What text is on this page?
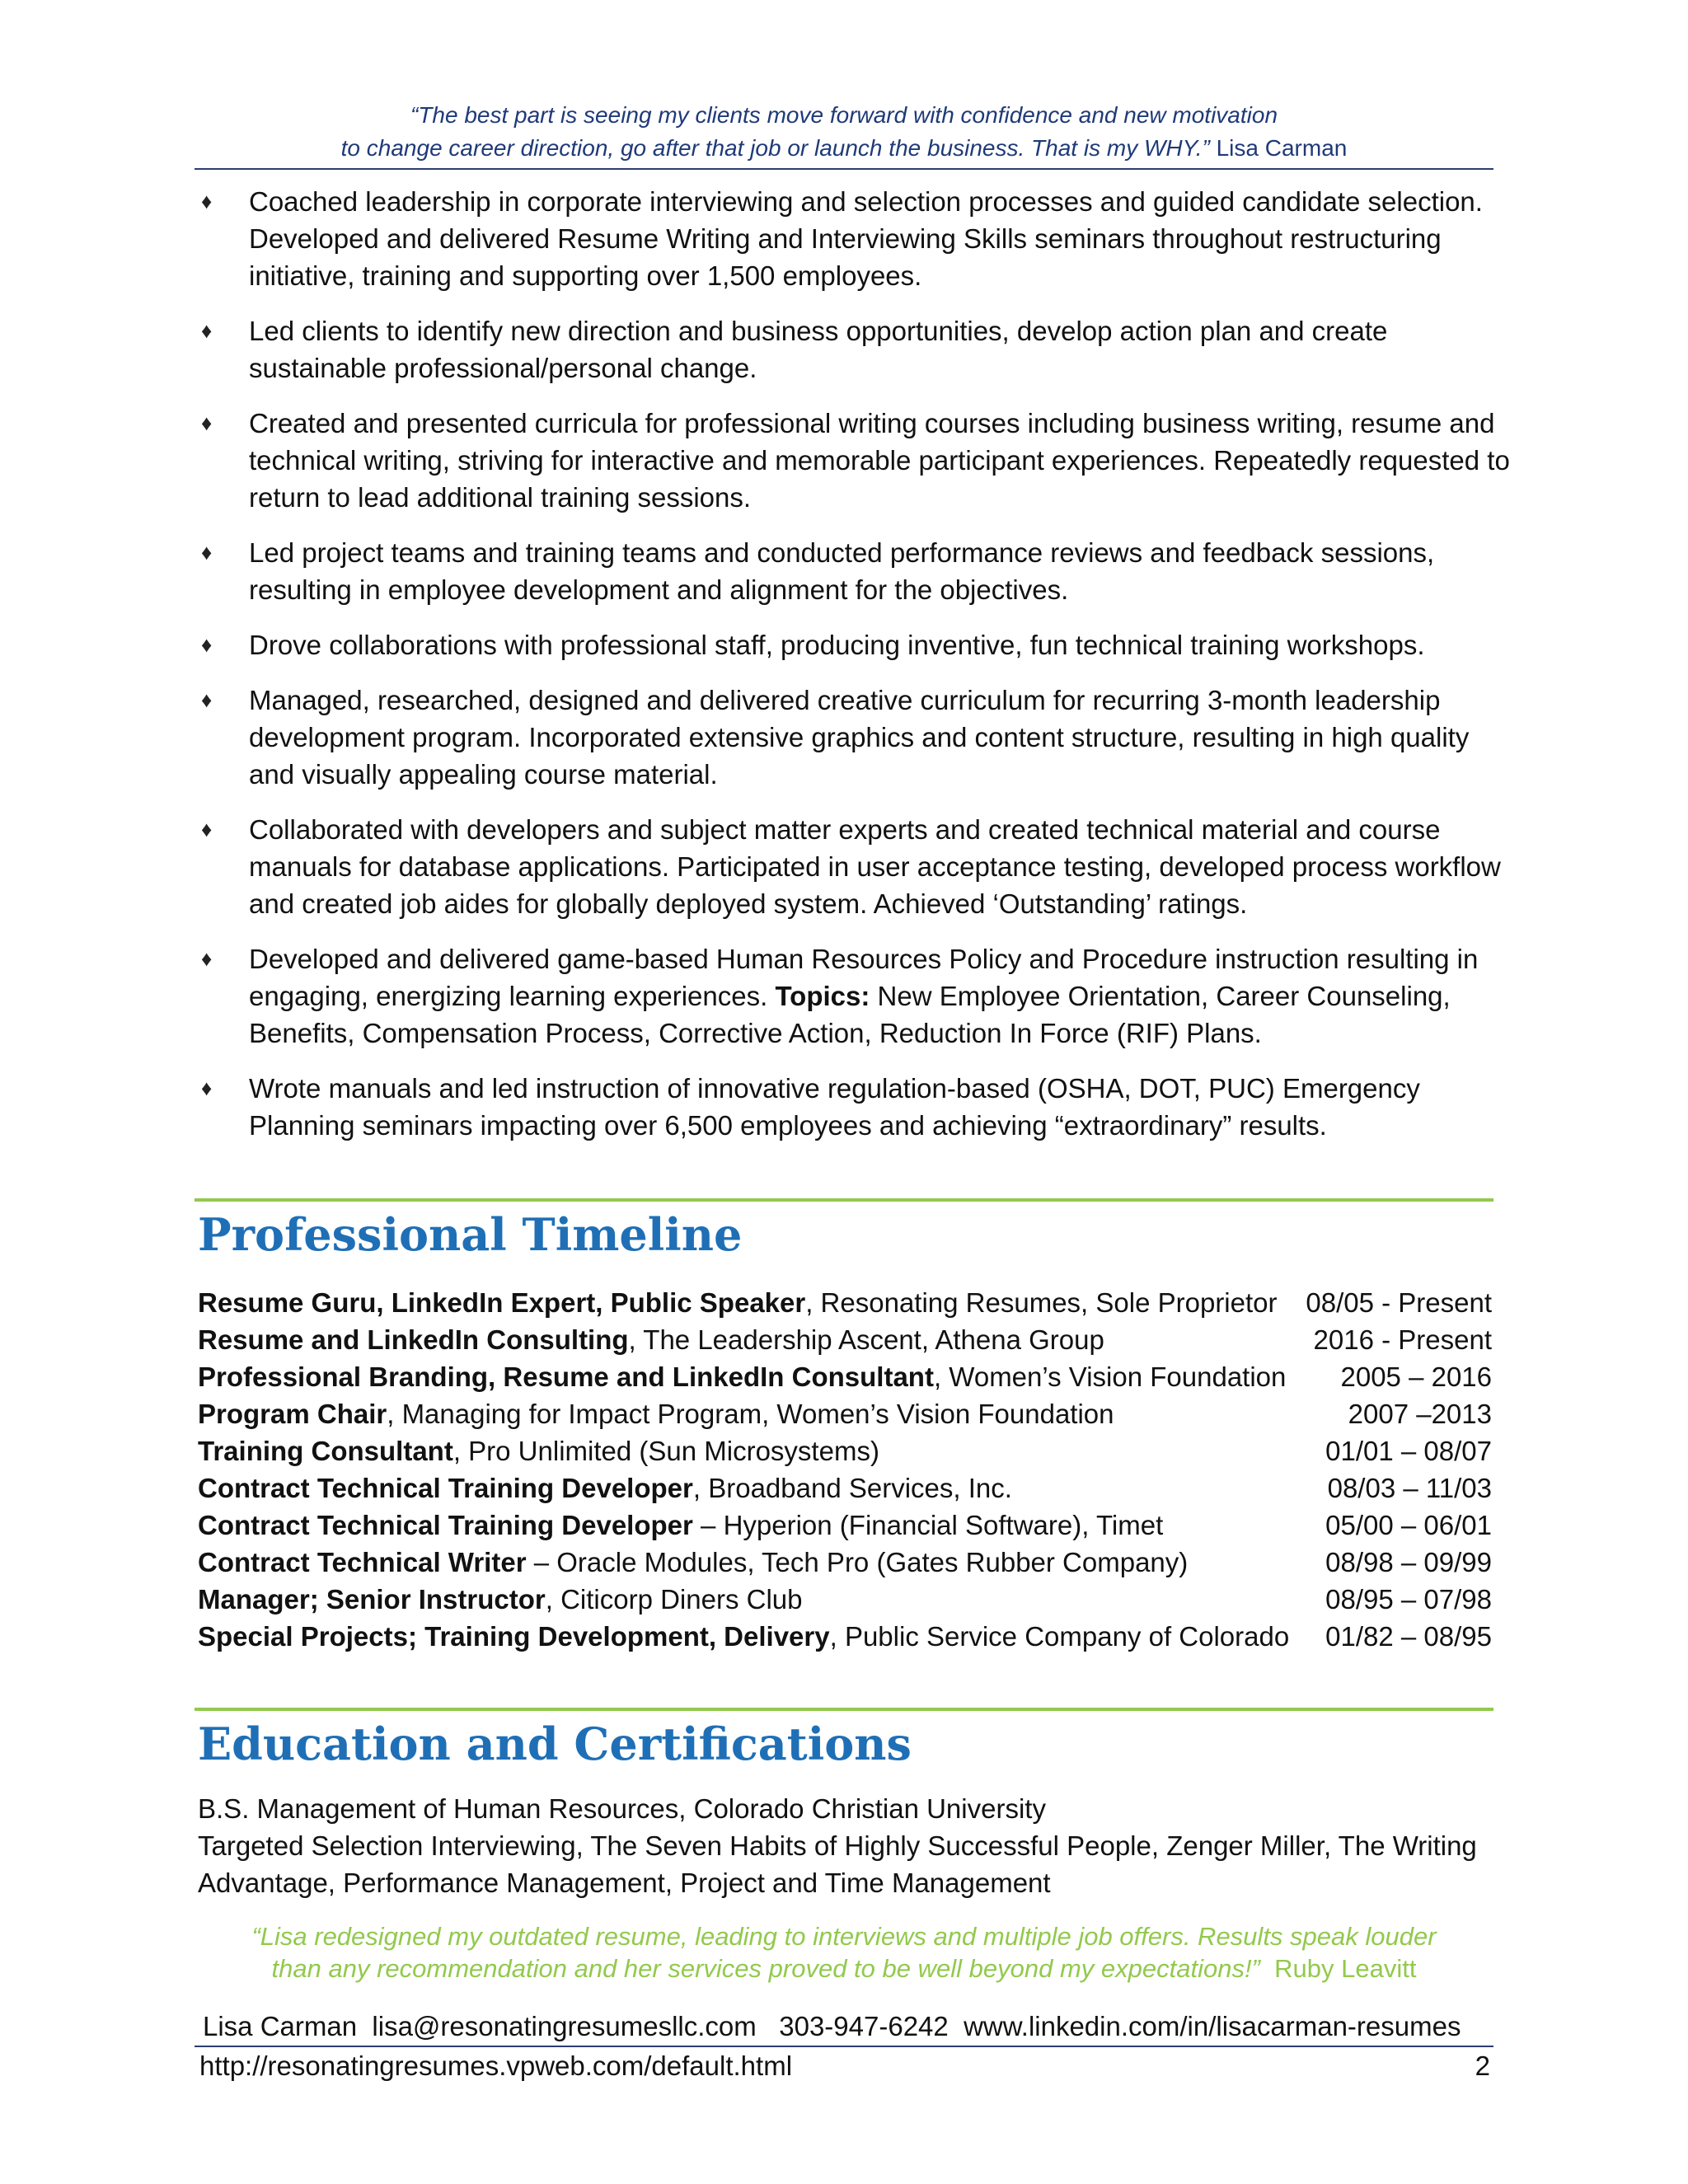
“The best part is seeing my clients move forward with confidence and new motivation
to change career direction, go after that job or launch the business. That is my WHY.” Lisa Carman
♦ Coached leadership in corporate interviewing and selection processes and guided candidate selection. Developed and delivered Resume Writing and Interviewing Skills seminars throughout restructuring initiative, training and supporting over 1,500 employees.
♦ Led clients to identify new direction and business opportunities, develop action plan and create sustainable professional/personal change.
♦ Created and presented curricula for professional writing courses including business writing, resume and technical writing, striving for interactive and memorable participant experiences. Repeatedly requested to return to lead additional training sessions.
♦ Led project teams and training teams and conducted performance reviews and feedback sessions, resulting in employee development and alignment for the objectives.
♦ Drove collaborations with professional staff, producing inventive, fun technical training workshops.
♦ Managed, researched, designed and delivered creative curriculum for recurring 3-month leadership development program. Incorporated extensive graphics and content structure, resulting in high quality and visually appealing course material.
♦ Collaborated with developers and subject matter experts and created technical material and course manuals for database applications. Participated in user acceptance testing, developed process workflow and created job aides for globally deployed system. Achieved ‘Outstanding’ ratings.
♦ Developed and delivered game-based Human Resources Policy and Procedure instruction resulting in engaging, energizing learning experiences. Topics: New Employee Orientation, Career Counseling, Benefits, Compensation Process, Corrective Action, Reduction In Force (RIF) Plans.
♦ Wrote manuals and led instruction of innovative regulation-based (OSHA, DOT, PUC) Emergency Planning seminars impacting over 6,500 employees and achieving “extraordinary” results.
Professional Timeline
Resume Guru, LinkedIn Expert, Public Speaker, Resonating Resumes, Sole Proprietor 08/05 - Present
Resume and LinkedIn Consulting, The Leadership Ascent, Athena Group	2016 - Present
Professional Branding, Resume and LinkedIn Consultant, Women’s Vision Foundation 2005 – 2016
Program Chair, Managing for Impact Program, Women’s Vision Foundation	2007 –2013
Training Consultant, Pro Unlimited (Sun Microsystems)	01/01 – 08/07
Contract Technical Training Developer, Broadband Services, Inc.	08/03 – 11/03
Contract Technical Training Developer – Hyperion (Financial Software), Timet	05/00 – 06/01
Contract Technical Writer – Oracle Modules, Tech Pro (Gates Rubber Company)	08/98 – 09/99
Manager; Senior Instructor, Citicorp Diners Club	08/95 – 07/98
Special Projects; Training Development, Delivery, Public Service Company of Colorado 01/82 – 08/95
Education and Certifications
B.S. Management of Human Resources, Colorado Christian University
Targeted Selection Interviewing, The Seven Habits of Highly Successful People, Zenger Miller, The Writing Advantage, Performance Management, Project and Time Management
“Lisa redesigned my outdated resume, leading to interviews and multiple job offers. Results speak louder
than any recommendation and her services proved to be well beyond my expectations!” Ruby Leavitt
Lisa Carman  lisa@resonatingresumesllc.com   303-947-6242  www.linkedin.com/in/lisacarman-resumes
http://resonatingresumes.vpweb.com/default.html	2
